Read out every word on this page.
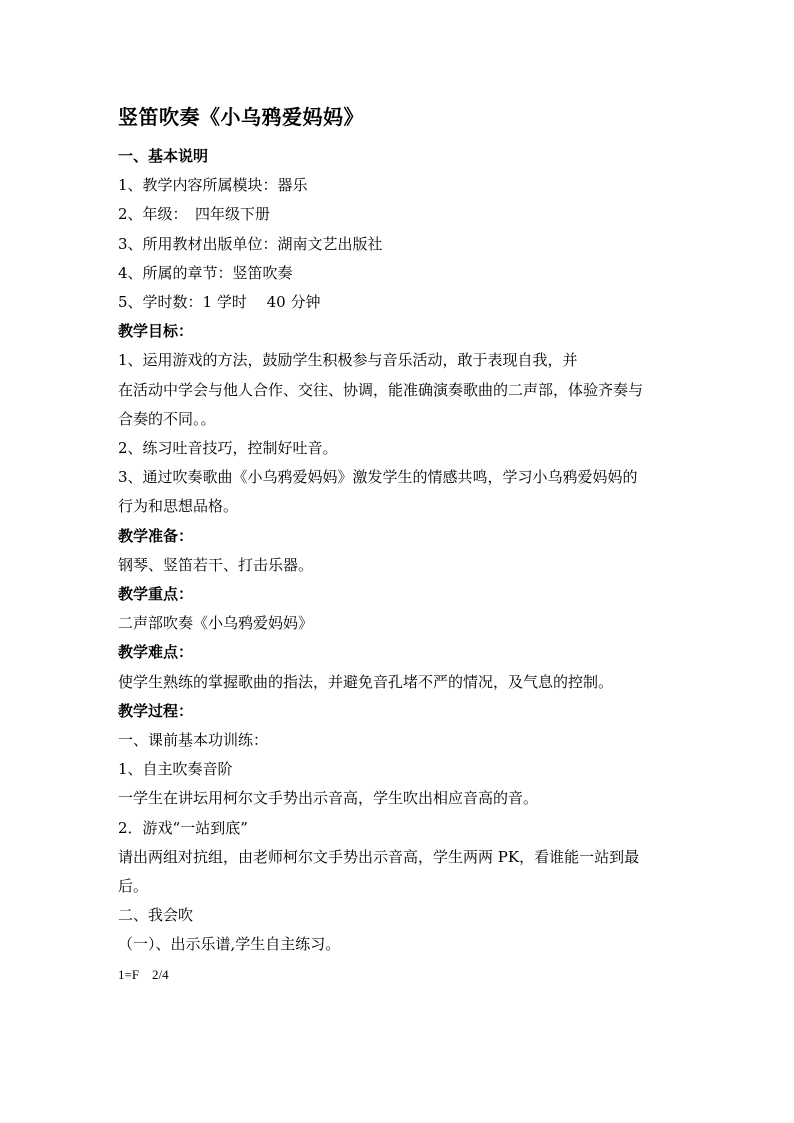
竖笛吹奏《小乌鸦爱妈妈》
一、基本说明
1、教学内容所属模块：器乐
2、年级：　四年级下册
3、所用教材出版单位：湖南文艺出版社
4、所属的章节：竖笛吹奏
5、学时数：1 学时　 40 分钟
教学目标：
1、运用游戏的方法，鼓励学生积极参与音乐活动，敢于表现自我，并
在活动中学会与他人合作、交往、协调，能准确演奏歌曲的二声部，体验齐奏与
合奏的不同。。
2、练习吐音技巧，控制好吐音。
3、通过吹奏歌曲《小乌鸦爱妈妈》激发学生的情感共鸣，学习小乌鸦爱妈妈的
行为和思想品格。
教学准备：
钢琴、竖笛若干、打击乐器。
教学重点：
二声部吹奏《小乌鸦爱妈妈》
教学难点：
使学生熟练的掌握歌曲的指法，并避免音孔堵不严的情况，及气息的控制。
教学过程：
一、课前基本功训练：
1、自主吹奏音阶
一学生在讲坛用柯尔文手势出示音高，学生吹出相应音高的音。
2．游戏“一站到底”
请出两组对抗组，由老师柯尔文手势出示音高，学生两两 PK，看谁能一站到最
后。
二、我会吹
（一）、出示乐谱,学生自主练习。
1=F　2/4
